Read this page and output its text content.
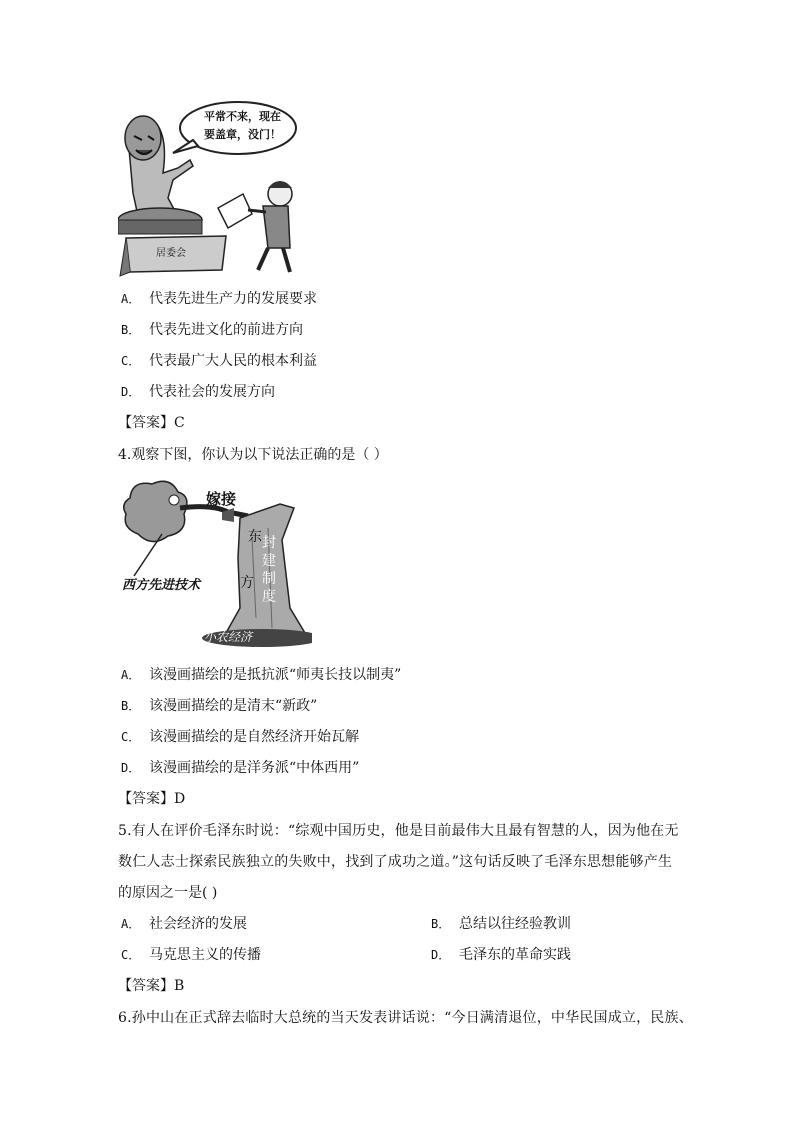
平常不来，现在
要盖章，没门！
居委会
A． 代表先进生产力的发展要求
B． 代表先进文化的前进方向
C． 代表最广大人民的根本利益
D． 代表社会的发展方向
【答案】C
4.观察下图，你认为以下说法正确的是（ ）
嫁接
西方先进技术
东
方
封建制度
小农经济
A． 该漫画描绘的是抵抗派“师夷长技以制夷”
B． 该漫画描绘的是清末“新政”
C． 该漫画描绘的是自然经济开始瓦解
D． 该漫画描绘的是洋务派“中体西用”
【答案】D
5.有人在评价毛泽东时说：“综观中国历史，他是目前最伟大且最有智慧的人，因为他在无
数仁人志士探索民族独立的失败中，找到了成功之道。”这句话反映了毛泽东思想能够产生
的原因之一是( )
A． 社会经济的发展	B． 总结以往经验教训
C． 马克思主义的传播	D． 毛泽东的革命实践
【答案】B
6.孙中山在正式辞去临时大总统的当天发表讲话说：“今日满清退位，中华民国成立，民族、
